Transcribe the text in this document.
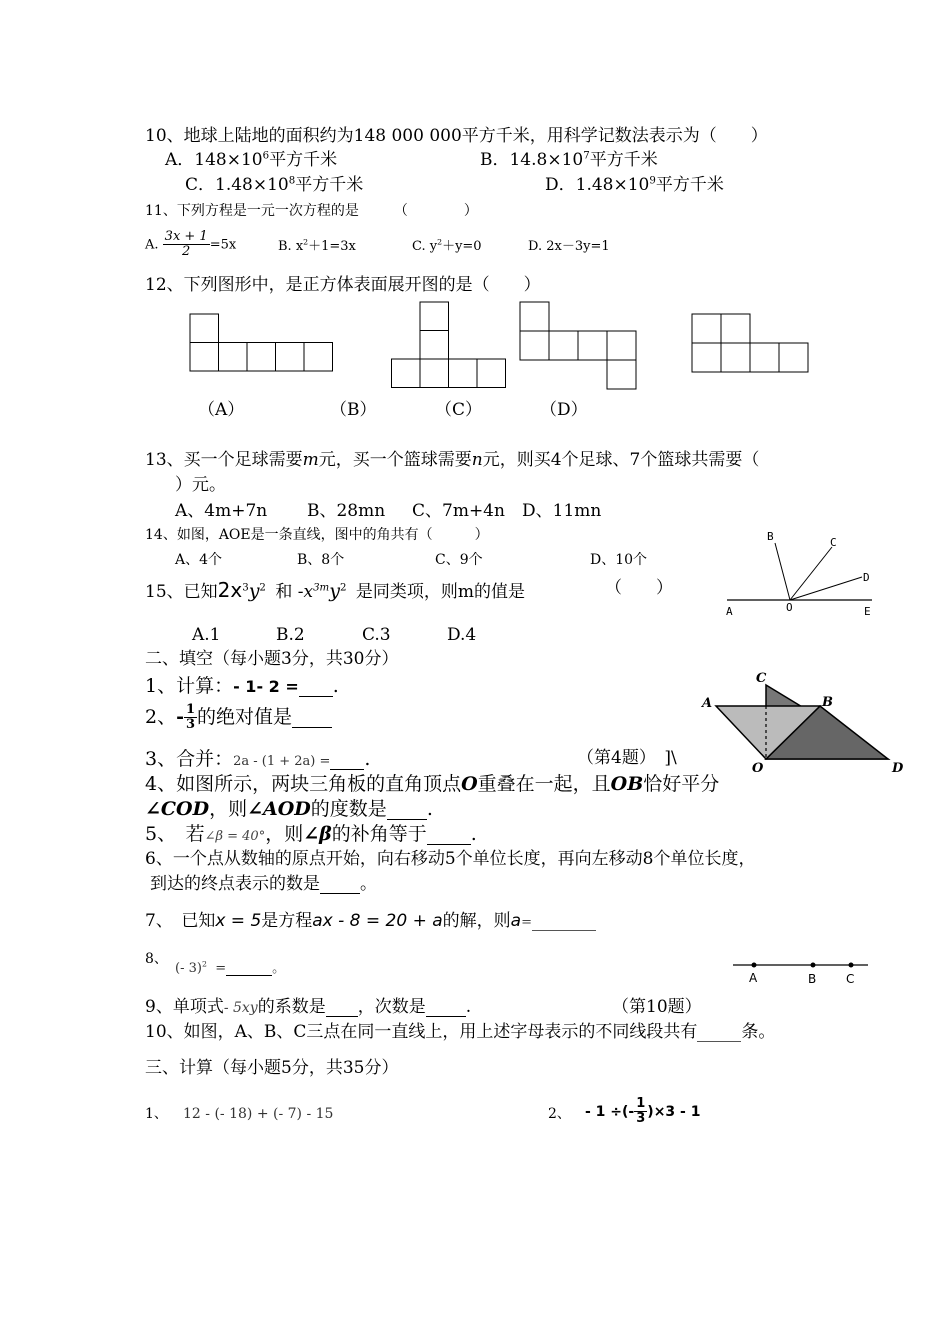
10、地球上陆地的面积约为148 000 000平方千米，用科学记数法表示为（　　）
A．$148\times 10^6$平方千米	B．$14.8\times 10^7$平方千米
C．$1.48\times 10^8$平方千米	D．$1.48\times 10^9$平方千米
11、下列方程是一元一次方程的是　　　（　　　　）
A. $\frac{3x + 1}{2} =5x$	B. $x^2+1=3x$	C. $y^2+y=0$	D. 2x－3y=1
12、下列图形中，是正方体表面展开图的是（　　）
（A）	（B）	（C）	（D）
13、买一个足球需要m元，买一个篮球需要n元，则买4个足球、7个篮球共需要（
）元。
A、4m+7n B、28mn C、7m+4n D、11mn
14、如图，AOE是一条直线，图中的角共有（　　　）
A、4个	B、8个	C、9个	D、10个
B	C
D
A	O	E
15、已知$2x^3y^2$ 和 $-x^{3m}y^2$ 是同类项，则m的值是	（　　）
A.1	B.2	C.3	D.4
二、填空（每小题3分，共30分）
1、计算：- 1- 2 = .
2、- $\frac{1}{3}$ 的绝对值是
3、合并：2a - (1 + 2a) = .	（第4题）　]\
4、如图所示，两块三角板的直角顶点O重叠在一起，且OB恰好平分
∠COD，则∠AOD的度数是 .
5、　若∠β = 40°，则∠β的补角等于 .
6、一个点从数轴的原点开始，向右移动5个单位长度，再向左移动8个单位长度，
到达的终点表示的数是 。
7、　已知x = 5是方程ax - 8 = 20 + a的解，则a=
8、
(- 3)$^2$ =	。
9、单项式- 5xy的系数是 ，次数是 .	（第10题）
10、如图，A、B、C三点在同一直线上，用上述字母表示的不同线段共有	条。
A	B C
C
A	B
O	D
三、计算（每小题5分，共35分）
1、 12 - (- 18) + (- 7) - 15	2、 - 1 ÷(- $\frac{1}{3} )\times 3 - 1$
